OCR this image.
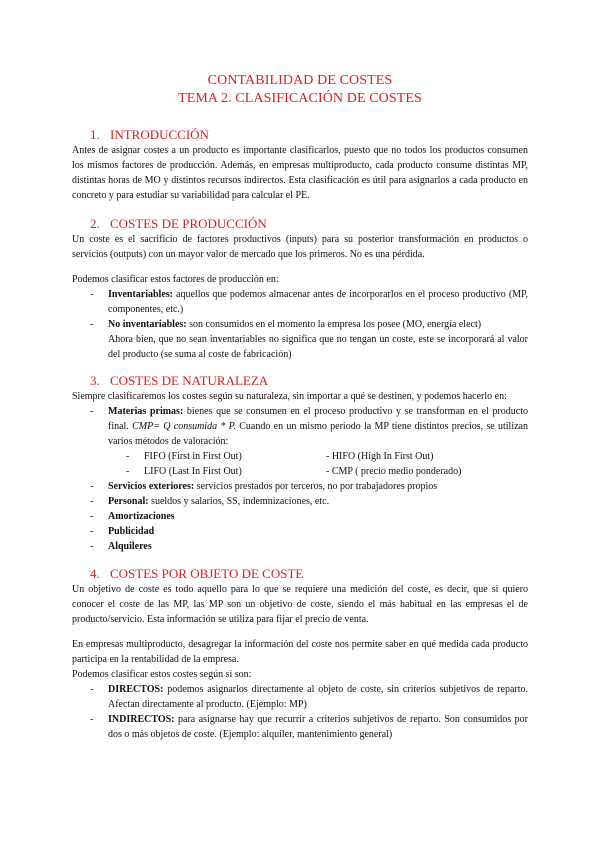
CONTABILIDAD DE COSTES
TEMA 2. CLASIFICACIÓN DE COSTES
1. INTRODUCCIÓN

Antes de asignar costes a un producto es importante clasificarlos, puesto que no todos los productos consumen los mismos factores de producción. Además, en empresas multiproducto, cada producto consume distintas MP, distintas horas de MO y distintos recursos indirectos. Esta clasificación es útil para asignarlos a cada producto en concreto y para estudiar su variabilidad para calcular el PE.

2. COSTES DE PRODUCCIÓN

Un coste es el sacrificio de factores productivos (inputs) para su posterior transformación en productos o servicios (outputs) con un mayor valor de mercado que los primeros. No es una pérdida.

Podemos clasificar estos factores de producción en:

- Inventariables: aquellos que podemos almacenar antes de incorporarlos en el proceso productivo (MP, componentes, etc.)
- No inventariables: son consumidos en el momento la empresa los posee (MO, energía elect)
Ahora bien, que no sean inventariables no significa que no tengan un coste, este se incorporará al valor del producto (se suma al coste de fabricación)
3. COSTES DE NATURALEZA

Siempre clasificaremos los costes según su naturaleza, sin importar a qué se destinen, y podemos hacerlo en:

- Materias primas: bienes que se consumen en el proceso productivo y se transforman en el producto final. CMP= Q consumida * P. Cuando en un mismo periodo la MP tiene distintos precios, se utilizan varios métodos de valoración:
- FIFO (First in First Out)	- HIFO (High In First Out)
- LIFO (Last In First Out)	- CMP ( precio medio ponderado)
- Servicios exteriores: servicios prestados por terceros, no por trabajadores propios
- Personal: sueldos y salarios, SS, indemnizaciones, etc.
- Amortizaciones
- Publicidad
- Alquileres
4. COSTES POR OBJETO DE COSTE

Un objetivo de coste es todo aquello para lo que se requiere una medición del coste, es decir, que si quiero conocer el coste de las MP, las MP son un objetivo de coste, siendo el más habitual en las empresas el de producto/servicio. Esta información se utiliza para fijar el precio de venta.

En empresas multiproducto, desagregar la información del coste nos permite saber en qué medida cada producto participa en la rentabilidad de la empresa.

Podemos clasificar estos costes según si son:

- DIRECTOS: podemos asignarlos directamente al objeto de coste, sin criterios subjetivos de reparto. Afectan directamente al producto. (Ejemplo: MP)
- INDIRECTOS: para asignarse hay que recurrir a criterios subjetivos de reparto. Son consumidos por dos o más objetos de coste. (Ejemplo: alquiler, mantenimiento general)
